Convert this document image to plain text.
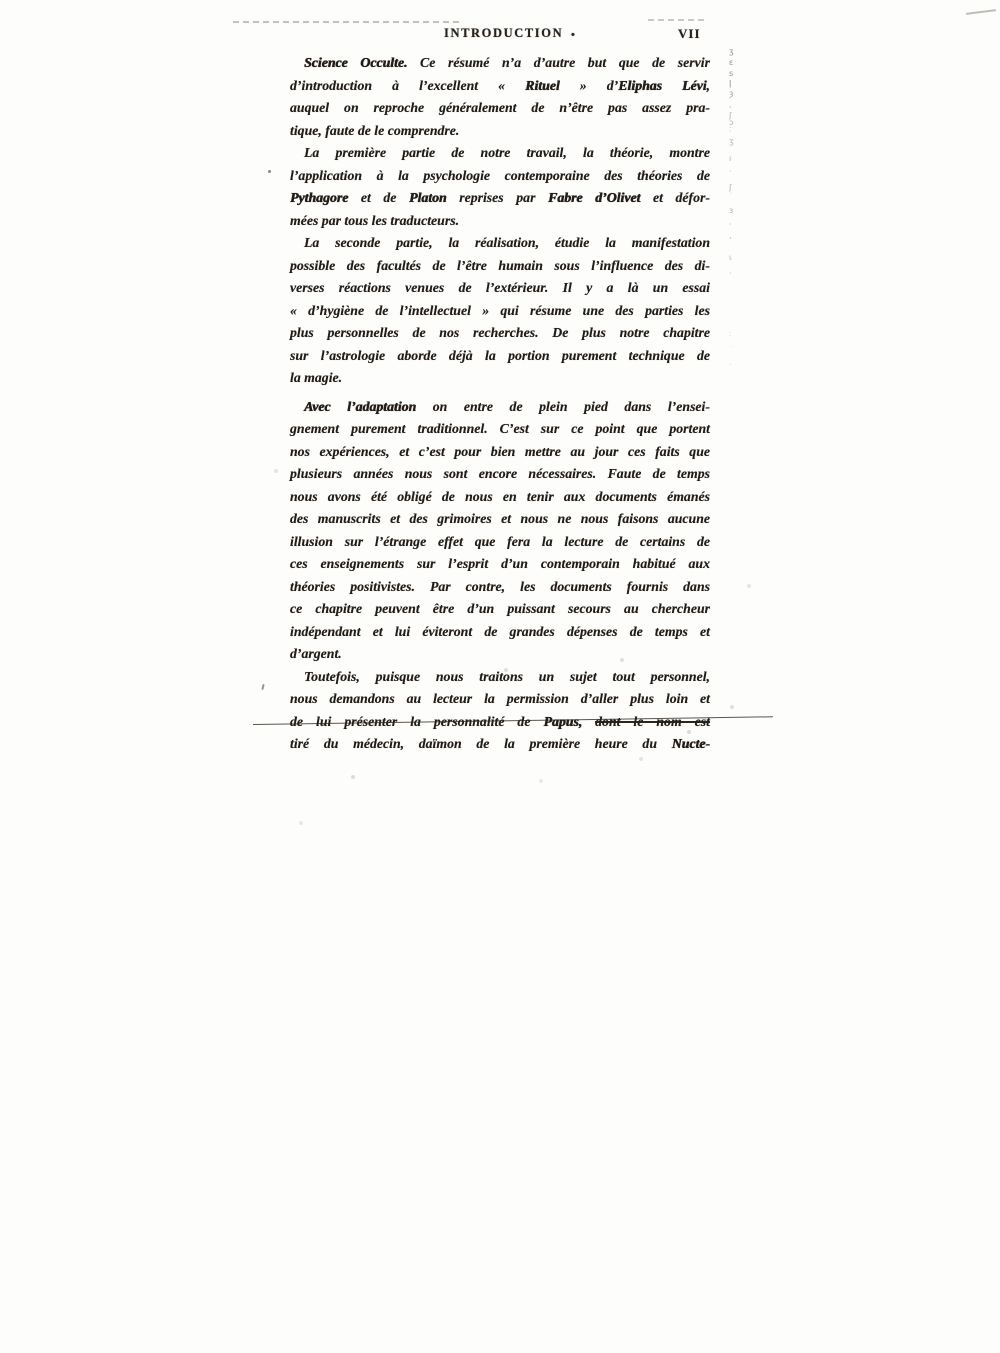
INTRODUCTION •	VII
Science Occulte. Ce résumé n’a d’autre but que de servir
d’introduction à l’excellent « Rituel » d’Eliphas Lévi,
auquel on reproche généralement de n’être pas assez pra-
tique, faute de le comprendre.
La première partie de notre travail, la théorie, montre
l’application à la psychologie contemporaine des théories de
Pythagore et de Platon reprises par Fabre d’Olivet et défor-
mées par tous les traducteurs.
La seconde partie, la réalisation, étudie la manifestation
possible des facultés de l’être humain sous l’influence des di-
verses réactions venues de l’extérieur. Il y a là un essai
« d’hygiène de l’intellectuel » qui résume une des parties les
plus personnelles de nos recherches. De plus notre chapitre
sur l’astrologie aborde déjà la portion purement technique de
la magie.
Avec l’adaptation on entre de plein pied dans l’ensei-
gnement purement traditionnel. C’est sur ce point que portent
nos expériences, et c’est pour bien mettre au jour ces faits que
plusieurs années nous sont encore nécessaires. Faute de temps
nous avons été obligé de nous en tenir aux documents émanés
des manuscrits et des grimoires et nous ne nous faisons aucune
illusion sur l’étrange effet que fera la lecture de certains de
ces enseignements sur l’esprit d’un contemporain habitué aux
théories positivistes. Par contre, les documents fournis dans
ce chapitre peuvent être d’un puissant secours au chercheur
indépendant et lui éviteront de grandes dépenses de temps et
d’argent.
Toutefois, puisque nous traitons un sujet tout personnel,
nous demandons au lecteur la permission d’aller plus loin et
de lui présenter la personnalité de Papus, dont le nom est
tiré du médecin, daïmon de la première heure du Nucte-
ʒ
ɛ
s
ǀ
ȝ
·
ʃ
ɔ
˸
ʒ
ı
·
ʃ
˙
ɜ
·
ʼ
ι
·
ː
˙
ˑ
